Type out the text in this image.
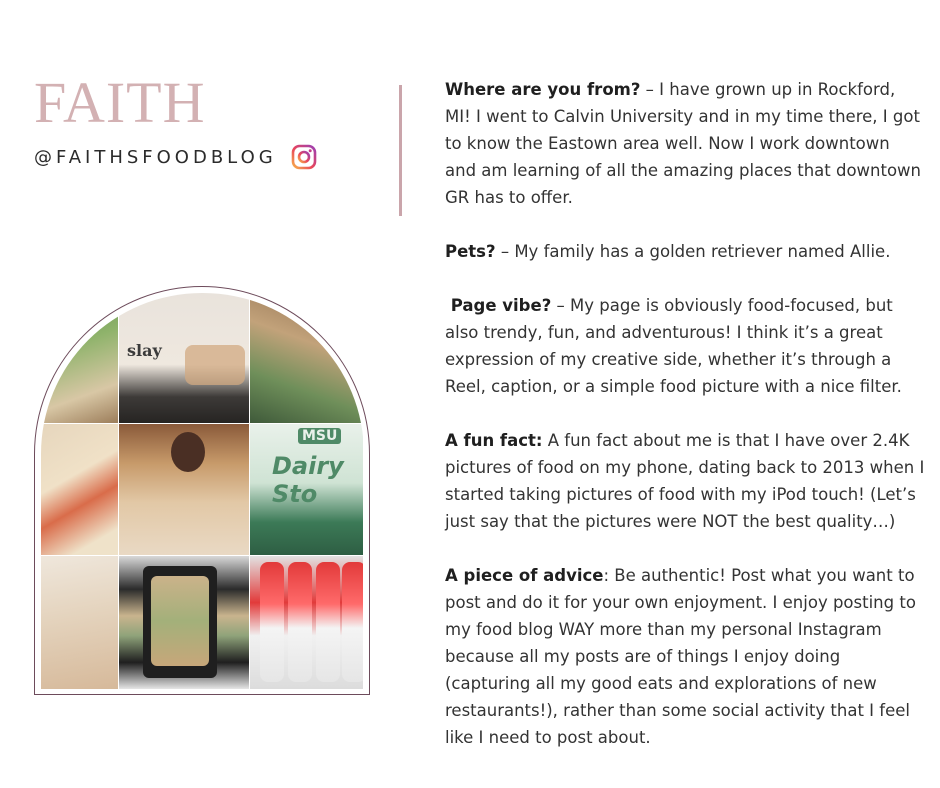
FAITH
@FAITHSFOODBLOG
slay
MSU
Dairy Sto

Where are you from? – I have grown up in Rockford, MI! I went to Calvin University and in my time there, I got to know the Eastown area well. Now I work downtown and am learning of all the amazing places that downtown GR has to offer.

Pets? – My family has a golden retriever named Allie.

Page vibe? – My page is obviously food-focused, but also trendy, fun, and adventurous! I think it’s a great expression of my creative side, whether it’s through a Reel, caption, or a simple food picture with a nice filter.

A fun fact: A fun fact about me is that I have over 2.4K pictures of food on my phone, dating back to 2013 when I started taking pictures of food with my iPod touch! (Let’s just say that the pictures were NOT the best quality…)

A piece of advice: Be authentic! Post what you want to post and do it for your own enjoyment. I enjoy posting to my food blog WAY more than my personal Instagram because all my posts are of things I enjoy doing (capturing all my good eats and explorations of new restaurants!), rather than some social activity that I feel like I need to post about.
